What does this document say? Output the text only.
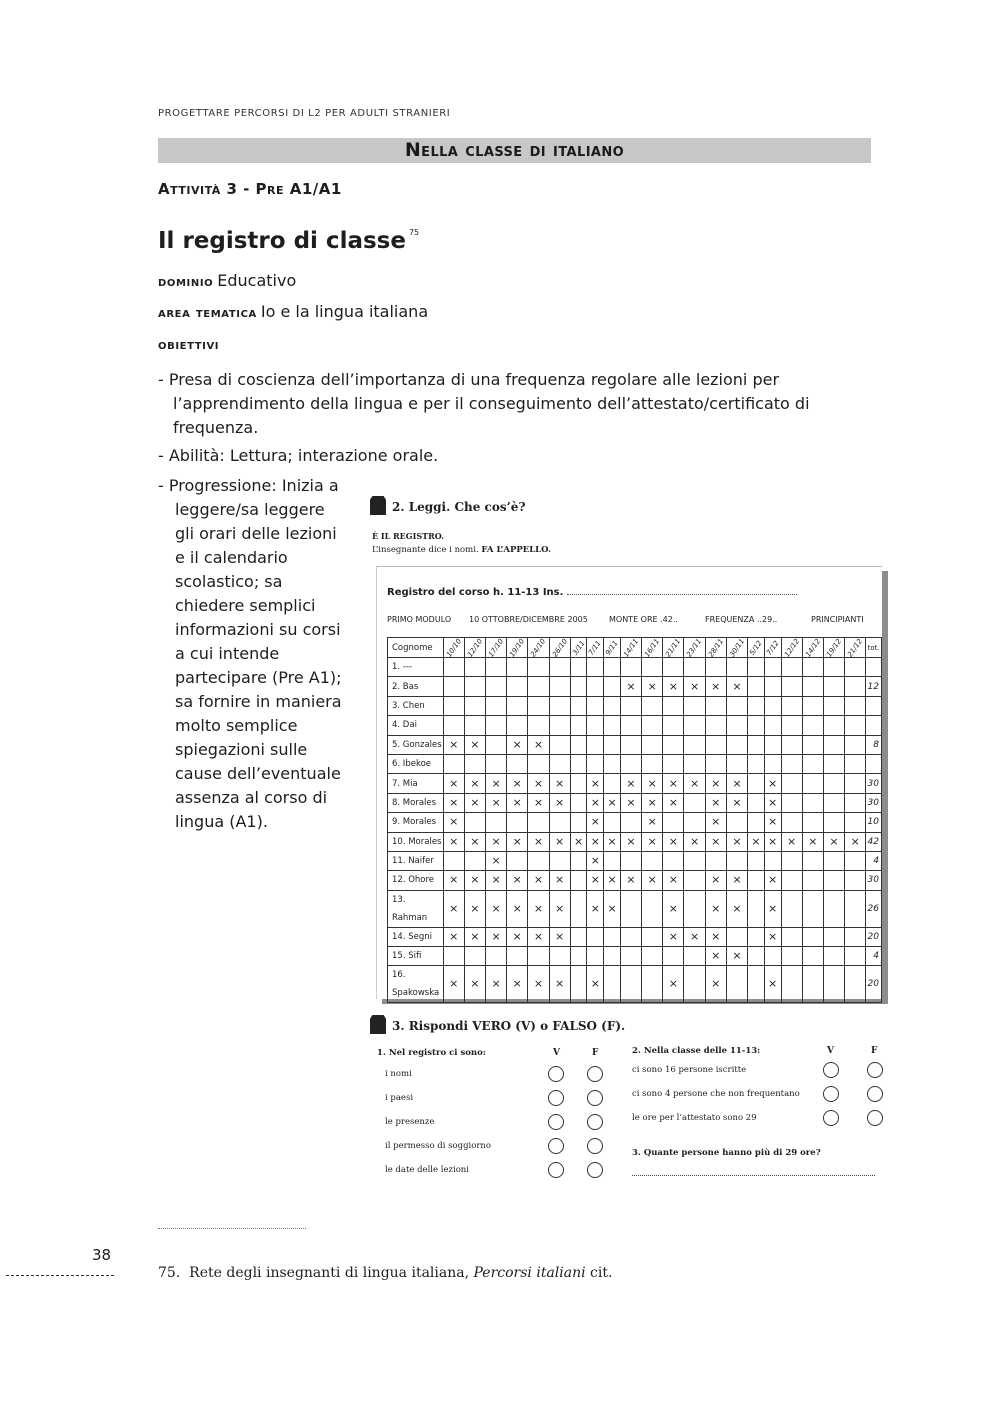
PROGETTARE PERCORSI DI L2 PER ADULTI STRANIERI
Nella classe di italiano
Attività 3 - Pre A1/A1
Il registro di classe $^{75}$
dominio Educativo
area tematica Io e la lingua italiana
obiettivi

- Presa di coscienza dell’importanza di una frequenza regolare alle lezioni per l’apprendimento della lingua e per il conseguimento dell’attestato/certificato di frequenza.

- Abilità: Lettura; interazione orale.

- Progressione: Inizia a leggere/sa leggere gli orari delle lezioni e il calendario scolastico; sa chiedere semplici informazioni su corsi a cui intende partecipare (Pre A1); sa fornire in maniera molto semplice spiegazioni sulle cause dell’eventuale assenza al corso di lingua (A1).

2. Leggi. Che cos’è?
È IL REGISTRO.
L’insegnante dice i nomi. FA L’APPELLO.
Registro del corso h. 11-13 Ins.
PRIMO MODULO 10 OTTOBRE/DICEMBRE 2005	MONTE ORE .42..	FREQUENZA ..29..	PRINCIPIANTI
Cognome	10/10	12/10	17/10	19/10	24/10	26/10	3/11	7/11	9/11	14/11	16/11	21/11	23/11	28/11	30/11	5/12	7/12	12/12	14/12	19/12	21/12	tot.
1. ---																						
2. Bas										×	×	×	×	×	×							12
3. Chen																						
4. Dai																						
5. Gonzales	×	×		×	×																	8
6. Ibekoe																						
7. Mia	×	×	×	×	×	×		×		×	×	×	×	×	×		×					30
8. Morales	×	×	×	×	×	×		×	×	×	×	×		×	×		×					30
9. Morales	×							×			×			×			×					10
10. Morales	×	×	×	×	×	×	×	×	×	×	×	×	×	×	×	×	×	×	×	×	×	42
11. Naifer			×					×														4
12. Ohore	×	×	×	×	×	×		×	×	×	×	×		×	×		×					30
13. Rahman	×	×	×	×	×	×		×	×			×		×	×		×					26
14. Segni	×	×	×	×	×	×						×	×	×			×					20
15. Sifi														×	×							4
16. Spakowska	×	×	×	×	×	×		×				×		×			×					20
3. Rispondi VERO (V) o FALSO (F).
1. Nel registro ci sono:	V	F
i nomi
i paesi
le presenze
il permesso di soggiorno
le date delle lezioni
2. Nella classe delle 11-13:	V	F
ci sono 16 persone iscritte
ci sono 4 persone che non frequentano
le ore per l’attestato sono 29
3. Quante persone hanno più di 29 ore?
38
75. Rete degli insegnanti di lingua italiana, Percorsi italiani cit.
